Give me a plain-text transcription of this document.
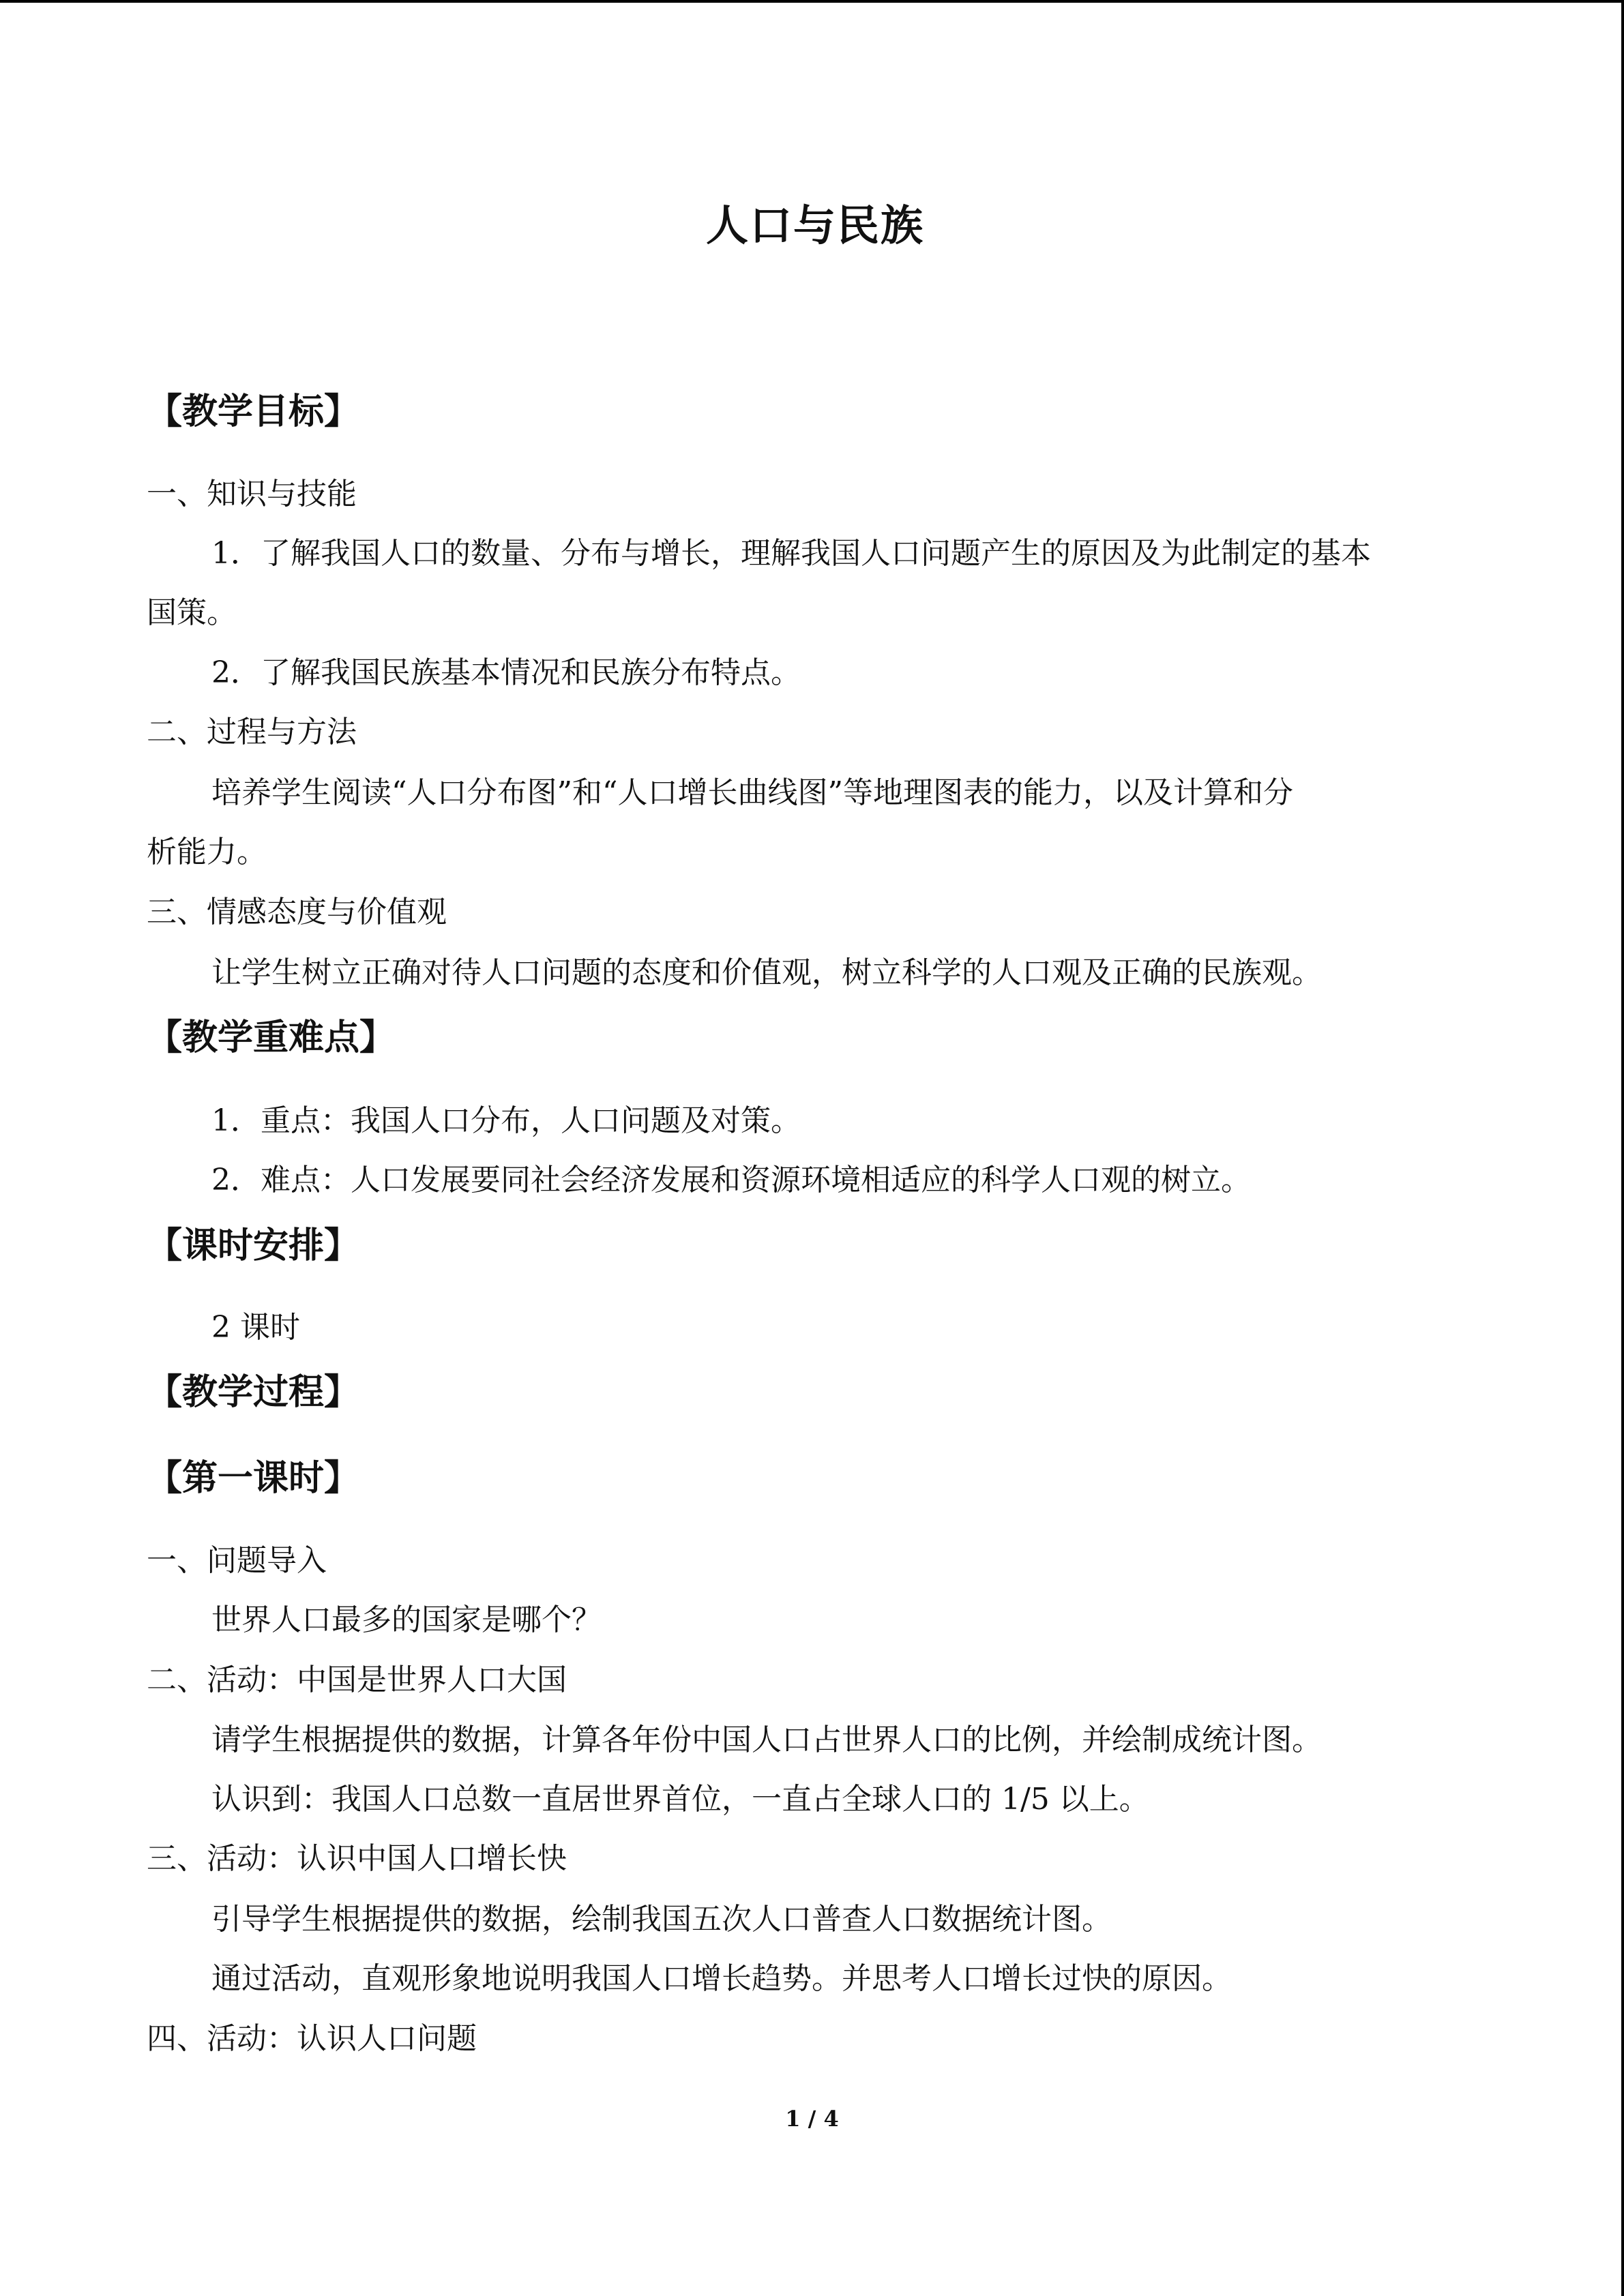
人口与民族
【教学目标】
一、知识与技能
1．了解我国人口的数量、分布与增长，理解我国人口问题产生的原因及为此制定的基本
国策。
2．了解我国民族基本情况和民族分布特点。
二、过程与方法
培养学生阅读“人口分布图”和“人口增长曲线图”等地理图表的能力，以及计算和分
析能力。
三、情感态度与价值观
让学生树立正确对待人口问题的态度和价值观，树立科学的人口观及正确的民族观。
【教学重难点】
1．重点：我国人口分布，人口问题及对策。
2．难点：人口发展要同社会经济发展和资源环境相适应的科学人口观的树立。
【课时安排】
2 课时
【教学过程】
【第一课时】
一、问题导入
世界人口最多的国家是哪个？
二、活动：中国是世界人口大国
请学生根据提供的数据，计算各年份中国人口占世界人口的比例，并绘制成统计图。
认识到：我国人口总数一直居世界首位，一直占全球人口的 1/5 以上。
三、活动：认识中国人口增长快
引导学生根据提供的数据，绘制我国五次人口普查人口数据统计图。
通过活动，直观形象地说明我国人口增长趋势。并思考人口增长过快的原因。
四、活动：认识人口问题
1 / 4
